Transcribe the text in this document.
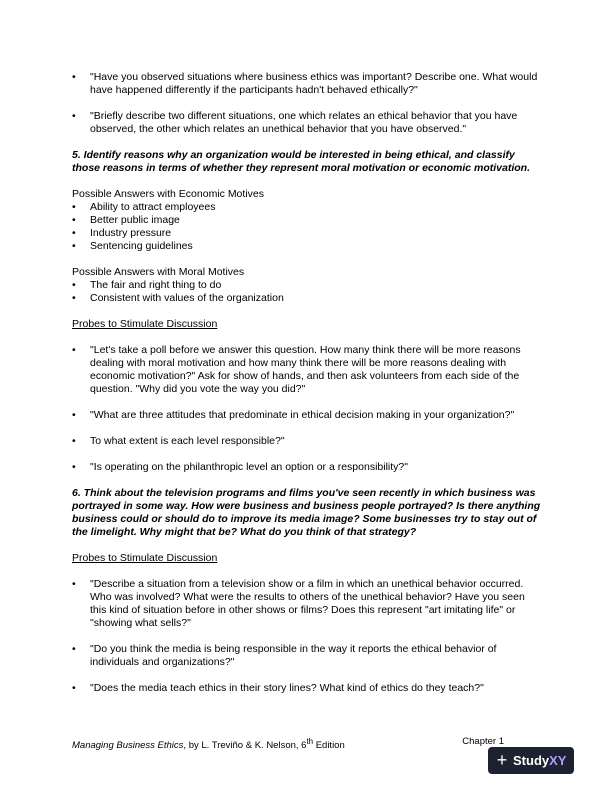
• "Have you observed situations where business ethics was important? Describe one. What would have happened differently if the participants hadn't behaved ethically?"

• "Briefly describe two different situations, one which relates an ethical behavior that you have observed, the other which relates an unethical behavior that you have observed."

5. Identify reasons why an organization would be interested in being ethical, and classify those reasons in terms of whether they represent moral motivation or economic motivation.

Possible Answers with Economic Motives

• Ability to attract employees

• Better public image

• Industry pressure

• Sentencing guidelines

Possible Answers with Moral Motives

• The fair and right thing to do

• Consistent with values of the organization

Probes to Stimulate Discussion

• "Let's take a poll before we answer this question. How many think there will be more reasons dealing with moral motivation and how many think there will be more reasons dealing with economic motivation?" Ask for show of hands, and then ask volunteers from each side of the question. "Why did you vote the way you did?"

• "What are three attitudes that predominate in ethical decision making in your organization?"

• To what extent is each level responsible?"

• "Is operating on the philanthropic level an option or a responsibility?"

6. Think about the television programs and films you've seen recently in which business was portrayed in some way. How were business and business people portrayed? Is there anything business could or should do to improve its media image? Some businesses try to stay out of the limelight. Why might that be? What do you think of that strategy?

Probes to Stimulate Discussion

• "Describe a situation from a television show or a film in which an unethical behavior occurred. Who was involved? What were the results to others of the unethical behavior? Have you seen this kind of situation before in other shows or films? Does this represent "art imitating life" or "showing what sells?"

• "Do you think the media is being responsible in the way it reports the ethical behavior of individuals and organizations?"

• "Does the media teach ethics in their story lines? What kind of ethics do they teach?"

Managing Business Ethics, by L. Treviño & K. Nelson, 6th Edition	Chapter 1
+ Study XY
